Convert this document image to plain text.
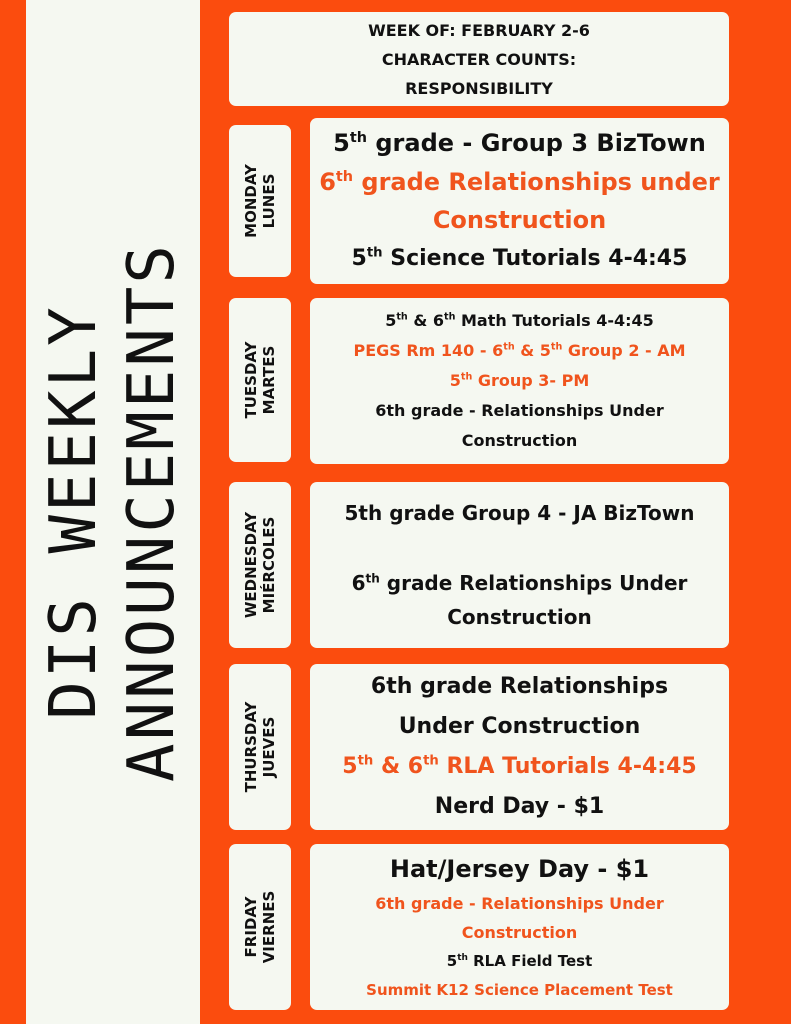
DIS WEEKLY ANNOUNCEMENTS
WEEK OF: FEBRUARY 2-6
CHARACTER COUNTS:
RESPONSIBILITY
MONDAY LUNES
5th grade - Group 3 BizTown
6th grade Relationships under
Construction
5th Science Tutorials 4-4:45
TUESDAY MARTES
5th & 6th Math Tutorials 4-4:45
PEGS Rm 140 - 6th & 5th Group 2 - AM
5th Group 3- PM
6th grade - Relationships Under
Construction
WEDNESDAY MIÉRCOLES
5th grade Group 4 - JA BizTown
6th grade Relationships Under
Construction
THURSDAY JUEVES
6th grade Relationships
Under Construction
5th & 6th RLA Tutorials 4-4:45
Nerd Day - $1
FRIDAY VIERNES
Hat/Jersey Day - $1
6th grade - Relationships Under
Construction
5th RLA Field Test
Summit K12 Science Placement Test
